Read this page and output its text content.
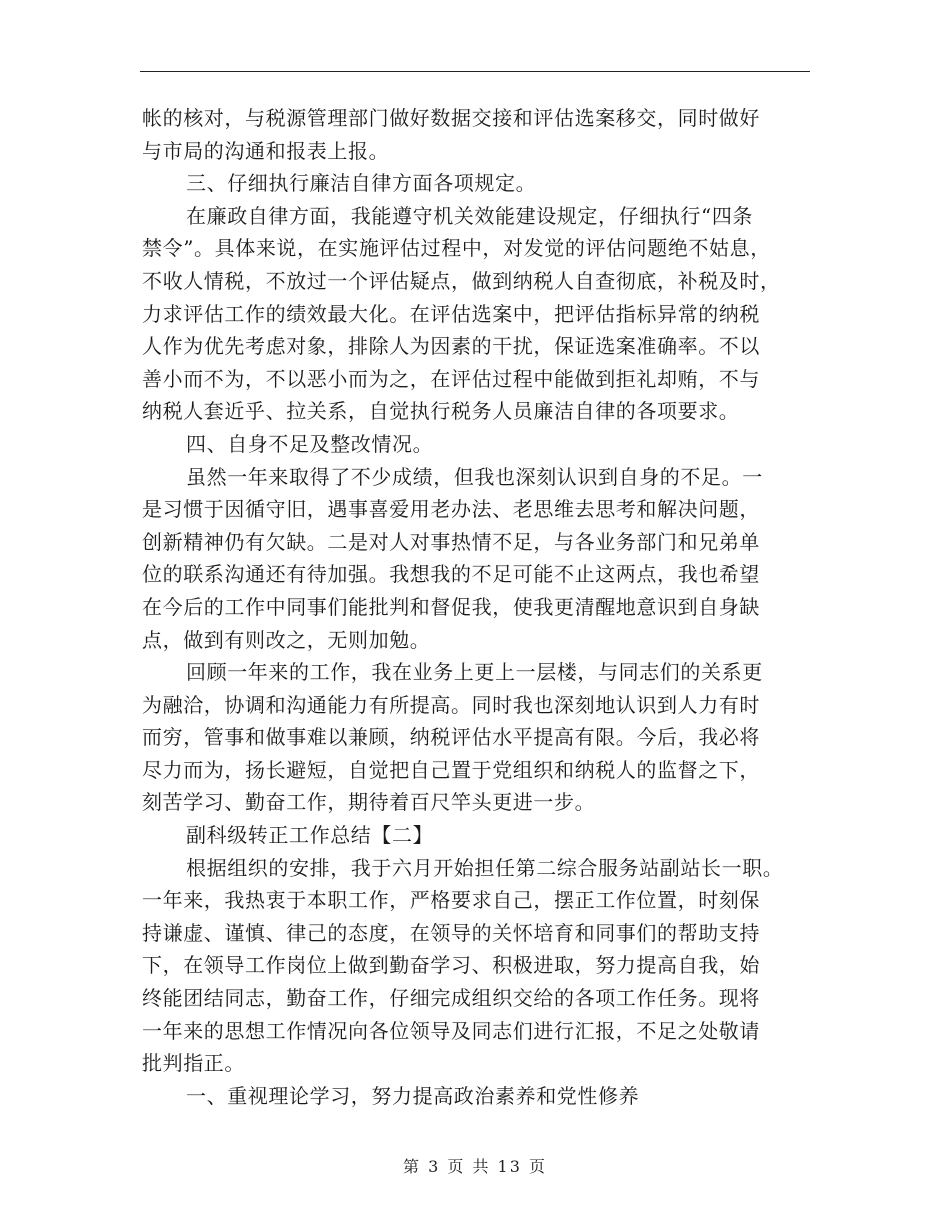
帐的核对，与税源管理部门做好数据交接和评估选案移交，同时做好

与市局的沟通和报表上报。

三、仔细执行廉洁自律方面各项规定。

在廉政自律方面，我能遵守机关效能建设规定，仔细执行“四条

禁令”。具体来说，在实施评估过程中，对发觉的评估问题绝不姑息，

不收人情税，不放过一个评估疑点，做到纳税人自查彻底，补税及时，

力求评估工作的绩效最大化。在评估选案中，把评估指标异常的纳税

人作为优先考虑对象，排除人为因素的干扰，保证选案准确率。不以

善小而不为，不以恶小而为之，在评估过程中能做到拒礼却贿，不与

纳税人套近乎、拉关系，自觉执行税务人员廉洁自律的各项要求。

四、自身不足及整改情况。

虽然一年来取得了不少成绩，但我也深刻认识到自身的不足。一

是习惯于因循守旧，遇事喜爱用老办法、老思维去思考和解决问题，

创新精神仍有欠缺。二是对人对事热情不足，与各业务部门和兄弟单

位的联系沟通还有待加强。我想我的不足可能不止这两点，我也希望

在今后的工作中同事们能批判和督促我，使我更清醒地意识到自身缺

点，做到有则改之，无则加勉。

回顾一年来的工作，我在业务上更上一层楼，与同志们的关系更

为融洽，协调和沟通能力有所提高。同时我也深刻地认识到人力有时

而穷，管事和做事难以兼顾，纳税评估水平提高有限。今后，我必将

尽力而为，扬长避短，自觉把自己置于党组织和纳税人的监督之下，

刻苦学习、勤奋工作，期待着百尺竿头更进一步。

副科级转正工作总结【二】

根据组织的安排，我于六月开始担任第二综合服务站副站长一职。

一年来，我热衷于本职工作，严格要求自己，摆正工作位置，时刻保

持谦虚、谨慎、律己的态度，在领导的关怀培育和同事们的帮助支持

下，在领导工作岗位上做到勤奋学习、积极进取，努力提高自我，始

终能团结同志，勤奋工作，仔细完成组织交给的各项工作任务。现将

一年来的思想工作情况向各位领导及同志们进行汇报，不足之处敬请

批判指正。

一、重视理论学习，努力提高政治素养和党性修养

第 3 页 共 13 页
